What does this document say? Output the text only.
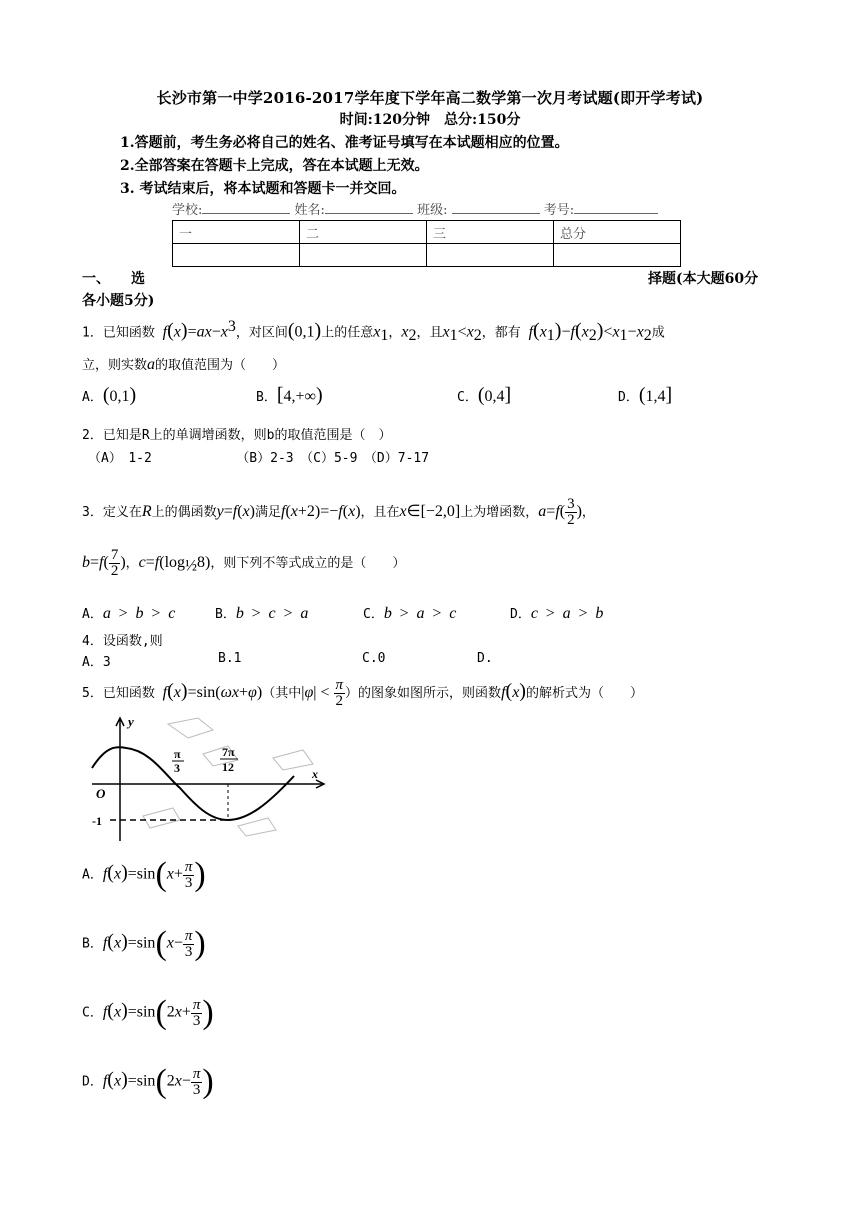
长沙市第一中学2016-2017学年度下学年高二数学第一次月考试题(即开学考试)
时间:120分钟　总分:150分
1.答题前，考生务必将自己的姓名、准考证号填写在本试题相应的位置。
2.全部答案在答题卡上完成，答在本试题上无效。
3. 考试结束后，将本试题和答题卡一并交回。
学校:	姓名:	班级:	考号:
一	二	三	总分

一、　　选	择题(本大题60分
各小题5分)
1．已知函数 $f(x)=ax-x^3$，对区间(0,1)上的任意$x_1$，$x_2$，且$x_1<x_2$，都有 $f(x_1)-f(x_2)<x_1-x_2$成
立，则实数a的取值范围为（　　）
A．(0,1)	B．[4,+∞)	C．(0,4]	D．(1,4]
2．已知是R上的单调增函数，则b的取值范围是（　）
（A）　1-2　　　　　　　（B）2-3　（C）5-9　（D）7-17
3．定义在R上的偶函数y=f(x)满足f(x+2)=−f(x)，且在x∈[−2,0]上为增函数，$a=f( \frac{3}{2}$ )，
$b=f( \frac{7}{2}$ )，$c=f(\log_{\frac{1}{2}}8)$，则下列不等式成立的是（　　）
A．a > b > c	B．b > c > a	C．b > a > c	D．c > a > b
4．设函数,则
A．3	B.1	C.0	D.
5．已知函数 f(x)=sin(ωx+φ)（其中$|\varphi| < \frac{\pi}{2}$ ）的图象如图所示，则函数f(x)的解析式为（　　）
y
O
x
-1
π
3
7π
12
A．$f(x)=\sin(x+ \frac{\pi}{3}$ )
B．$f(x)=\sin(x- \frac{\pi}{3}$ )
C．$f(x)=\sin(2x+ \frac{\pi}{3}$ )
D．$f(x)=\sin(2x- \frac{\pi}{3}$ )
